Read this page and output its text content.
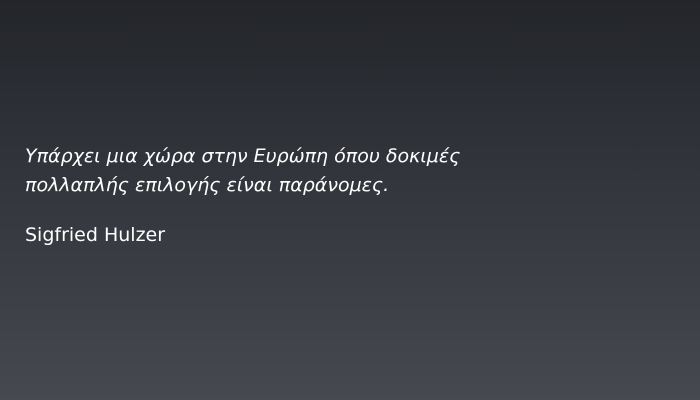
Υπάρχει μια χώρα στην Ευρώπη όπου δοκιμές
πολλαπλής επιλογής είναι παράνομες.

Sigfried Hulzer
